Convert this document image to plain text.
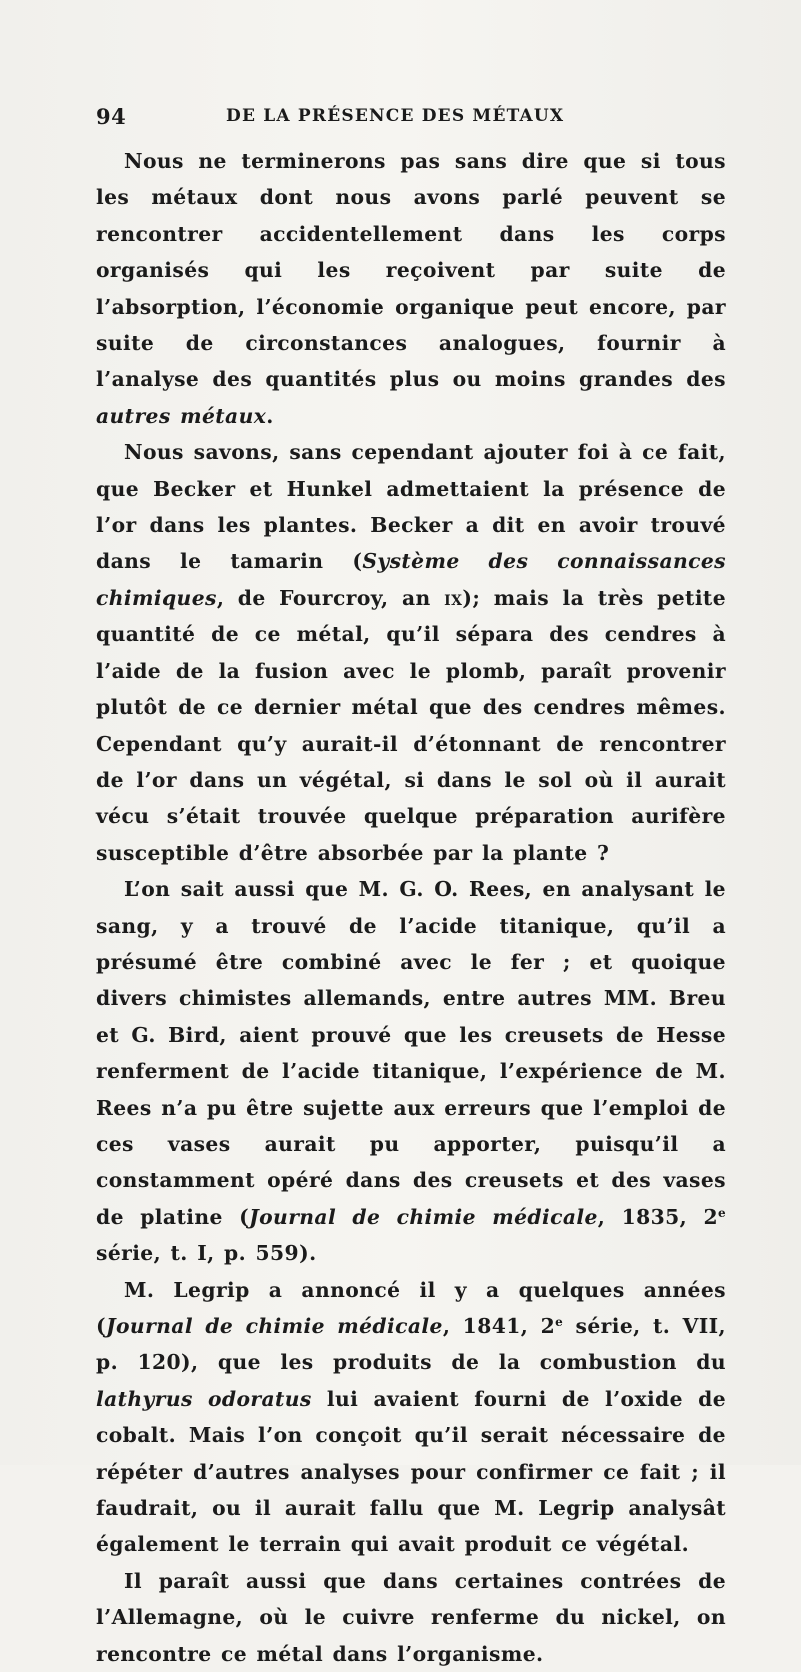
94	DE LA PRÉSENCE DES MÉTAUX

Nous ne terminerons pas sans dire que si tous les métaux dont nous avons parlé peuvent se rencontrer accidentellement dans les corps organisés qui les reçoivent par suite de l’absorption, l’économie organique peut encore, par suite de circonstances analogues, fournir à l’analyse des quantités plus ou moins grandes des autres métaux.

Nous savons, sans cependant ajouter foi à ce fait, que Becker et Hunkel admettaient la présence de l’or dans les plantes. Becker a dit en avoir trouvé dans le tamarin (Système des connaissances chimiques, de Fourcroy, an ix); mais la très petite quantité de ce métal, qu’il sépara des cendres à l’aide de la fusion avec le plomb, paraît provenir plutôt de ce dernier métal que des cendres mêmes. Cependant qu’y aurait-il d’étonnant de rencontrer de l’or dans un végétal, si dans le sol où il aurait vécu s’était trouvée quelque préparation aurifère susceptible d’être absorbée par la plante ?

L’on sait aussi que M. G. O. Rees, en analysant le sang, y a trouvé de l’acide titanique, qu’il a présumé être combiné avec le fer ; et quoique divers chimistes allemands, entre autres MM. Breu et G. Bird, aient prouvé que les creusets de Hesse renferment de l’acide titanique, l’expérience de M. Rees n’a pu être sujette aux erreurs que l’emploi de ces vases aurait pu apporter, puisqu’il a constamment opéré dans des creusets et des vases de platine (Journal de chimie médicale, 1835, 2e série, t. I, p. 559).

M. Legrip a annoncé il y a quelques années (Journal de chimie médicale, 1841, 2e série, t. VII, p. 120), que les produits de la combustion du lathyrus odoratus lui avaient fourni de l’oxide de cobalt. Mais l’on conçoit qu’il serait nécessaire de répéter d’autres analyses pour confirmer ce fait ; il faudrait, ou il aurait fallu que M. Legrip analysât également le terrain qui avait produit ce végétal.

Il paraît aussi que dans certaines contrées de l’Allemagne, où le cuivre renferme du nickel, on rencontre ce métal dans l’organisme.
